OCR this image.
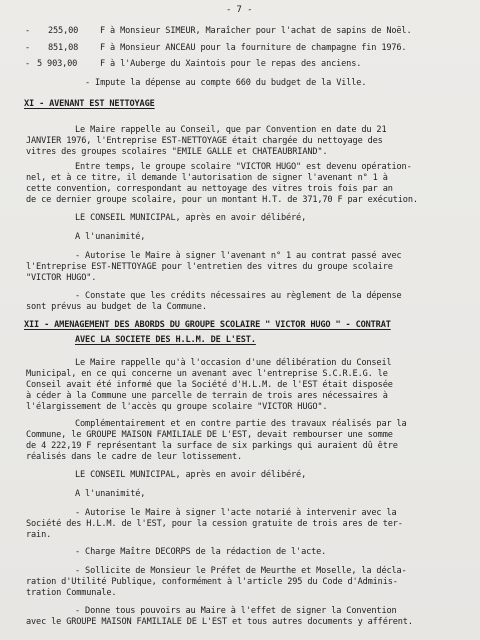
- 7 -
- 255,00	F à Monsieur SIMEUR, Maraîcher pour l'achat de sapins de Noël.
- 851,08	F à Monsieur ANCEAU pour la fourniture de champagne fin 1976.
- 5 903,00	F à l'Auberge du Xaintois pour le repas des anciens.
- Impute la dépense au compte 660 du budget de la Ville.
XI - AVENANT EST NETTOYAGE
Le Maire rappelle au Conseil, que par Convention en date du 21
JANVIER 1976, l'Entreprise EST-NETTOYAGE était chargée du nettoyage des
vitres des groupes scolaires "EMILE GALLE et CHATEAUBRIAND".
Entre temps, le groupe scolaire "VICTOR HUGO" est devenu opération-
nel, et à ce titre, il demande l'autorisation de signer l'avenant n° 1 à
cette convention, correspondant au nettoyage des vitres trois fois par an
de ce dernier groupe scolaire, pour un montant H.T. de 371,70 F par exécution.
LE CONSEIL MUNICIPAL, après en avoir délibéré,
A l'unanimité,
- Autorise le Maire à signer l'avenant n° 1 au contrat passé avec
l'Entreprise EST-NETTOYAGE pour l'entretien des vitres du groupe scolaire
"VICTOR HUGO".
- Constate que les crédits nécessaires au règlement de la dépense
sont prévus au budget de la Commune.
XII - AMENAGEMENT DES ABORDS DU GROUPE SCOLAIRE " VICTOR HUGO " - CONTRAT
AVEC LA SOCIETE DES H.L.M. DE L'EST.
Le Maire rappelle qu'à l'occasion d'une délibération du Conseil
Municipal, en ce qui concerne un avenant avec l'entreprise S.C.R.E.G. le
Conseil avait été informé que la Société d'H.L.M. de l'EST était disposée
à céder à la Commune une parcelle de terrain de trois ares nécessaires à
l'élargissement de l'accès qu groupe scolaire "VICTOR HUGO".
Complémentairement et en contre partie des travaux réalisés par la
Commune, le GROUPE MAISON FAMILIALE DE L'EST, devait rembourser une somme
de 4 222,19 F représentant la surface de six parkings qui auraient dû être
réalisés dans le cadre de leur lotissement.
LE CONSEIL MUNICIPAL, après en avoir délibéré,
A l'unanimité,
- Autorise le Maire à signer l'acte notarié à intervenir avec la
Société des H.L.M. de l'EST, pour la cession gratuite de trois ares de ter-
rain.
- Charge Maître DECORPS de la rédaction de l'acte.
- Sollicite de Monsieur le Préfet de Meurthe et Moselle, la décla-
ration d'Utilité Publique, conformément à l'article 295 du Code d'Adminis-
tration Communale.
- Donne tous pouvoirs au Maire à l'effet de signer la Convention
avec le GROUPE MAISON FAMILIALE DE L'EST et tous autres documents y afférent.
